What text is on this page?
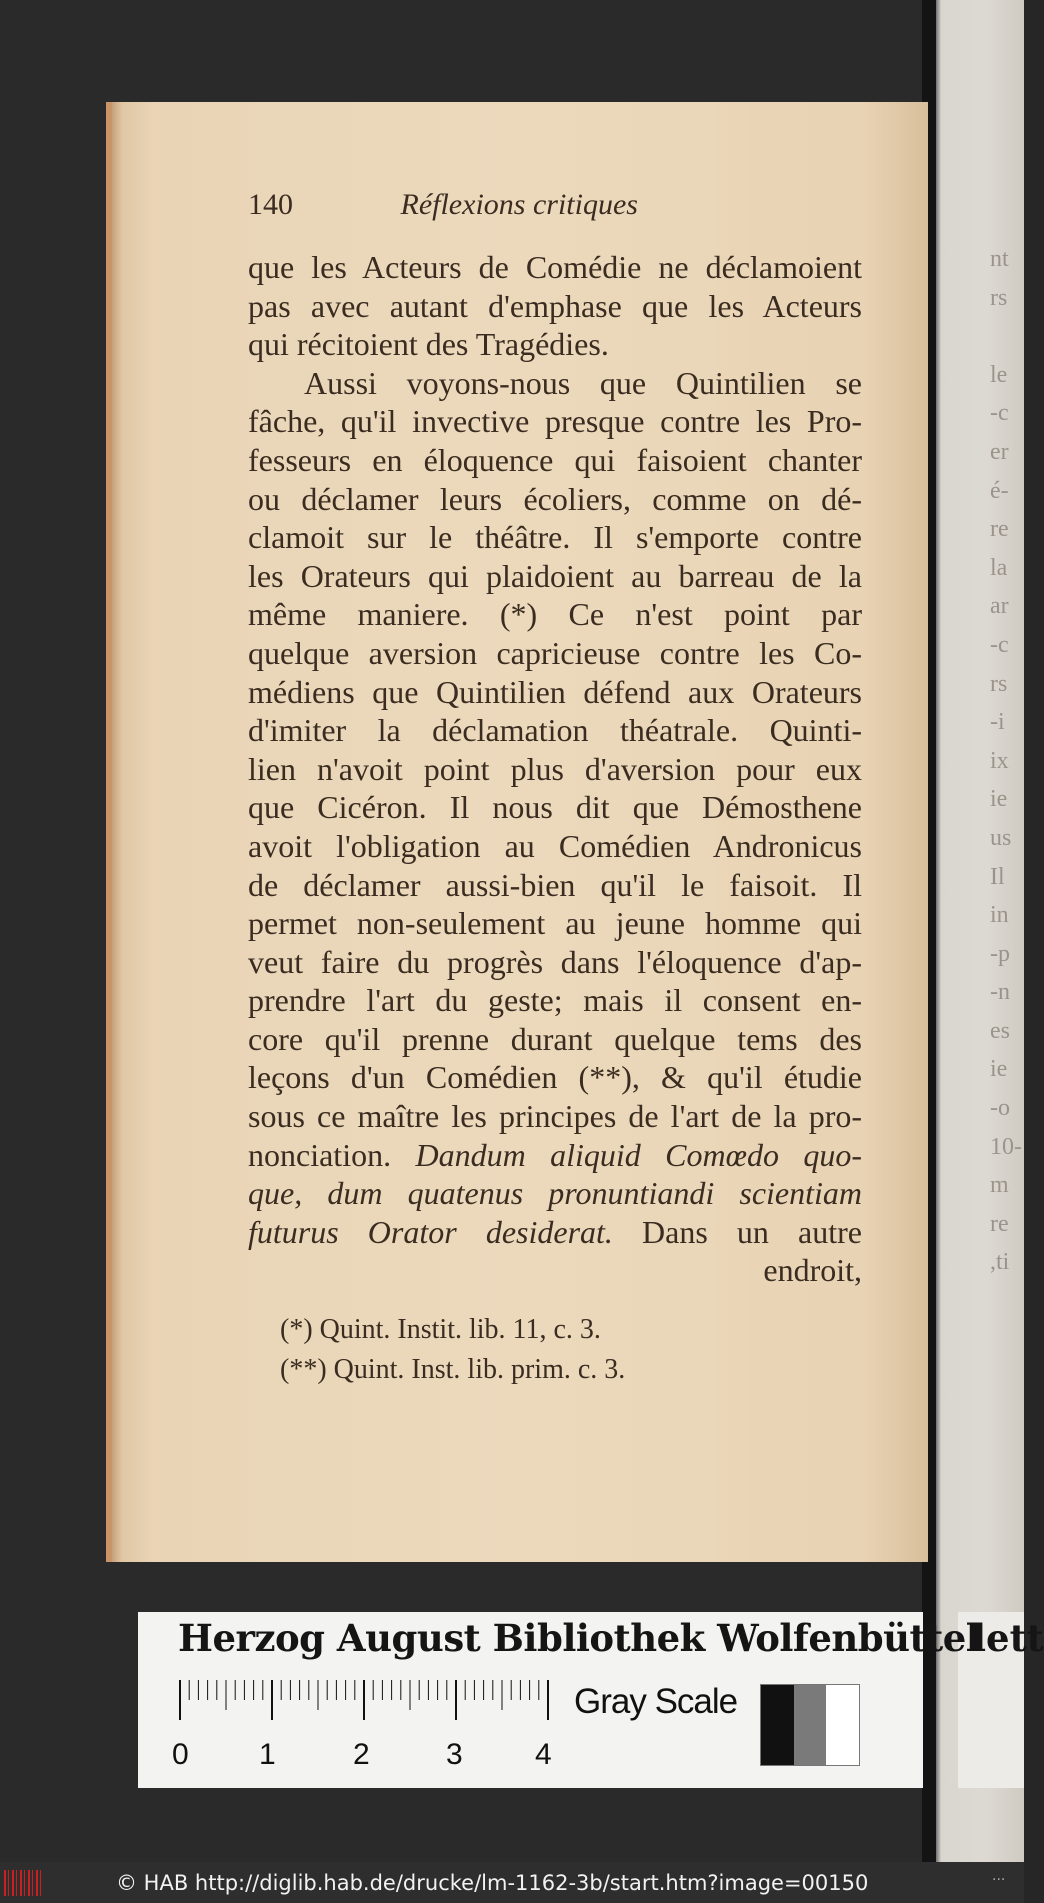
nt
rs
le
-c
er
é-
re
la
ar
-c
rs
-i
ix
ie
us
Il
in
-p
-n
es
ie
-o
10-
m
re
,ti
140	Réflexions critiques
que les Acteurs de Comédie ne déclamoient
pas avec autant d'emphase que les Acteurs
qui récitoient des Tragédies.
Aussi voyons-nous que Quintilien se
fâche, qu'il invective presque contre les Pro-
fesseurs en éloquence qui faisoient chanter
ou déclamer leurs écoliers, comme on dé-
clamoit sur le théâtre. Il s'emporte contre
les Orateurs qui plaidoient au barreau de la
même maniere. (*) Ce n'est point par
quelque aversion capricieuse contre les Co-
médiens que Quintilien défend aux Orateurs
d'imiter la déclamation théatrale. Quinti-
lien n'avoit point plus d'aversion pour eux
que Cicéron. Il nous dit que Démosthene
avoit l'obligation au Comédien Andronicus
de déclamer aussi-bien qu'il le faisoit. Il
permet non-seulement au jeune homme qui
veut faire du progrès dans l'éloquence d'ap-
prendre l'art du geste; mais il consent en-
core qu'il prenne durant quelque tems des
leçons d'un Comédien (**), & qu'il étudie
sous ce maître les principes de l'art de la pro-
nonciation. Dandum aliquid Comœdo quo-
que, dum quatenus pronuntiandi scientiam
futurus Orator desiderat. Dans un autre
endroit,
(*) Quint. Instit. lib. 11, c. 3.
(**) Quint. Inst. lib. prim. c. 3.
Herzog August Bibliothek Wolfenbüttel
lett
0 1	2	3 4
Gray Scale
© HAB http://diglib.hab.de/drucke/lm-1162-3b/start.htm?image=00150	···
